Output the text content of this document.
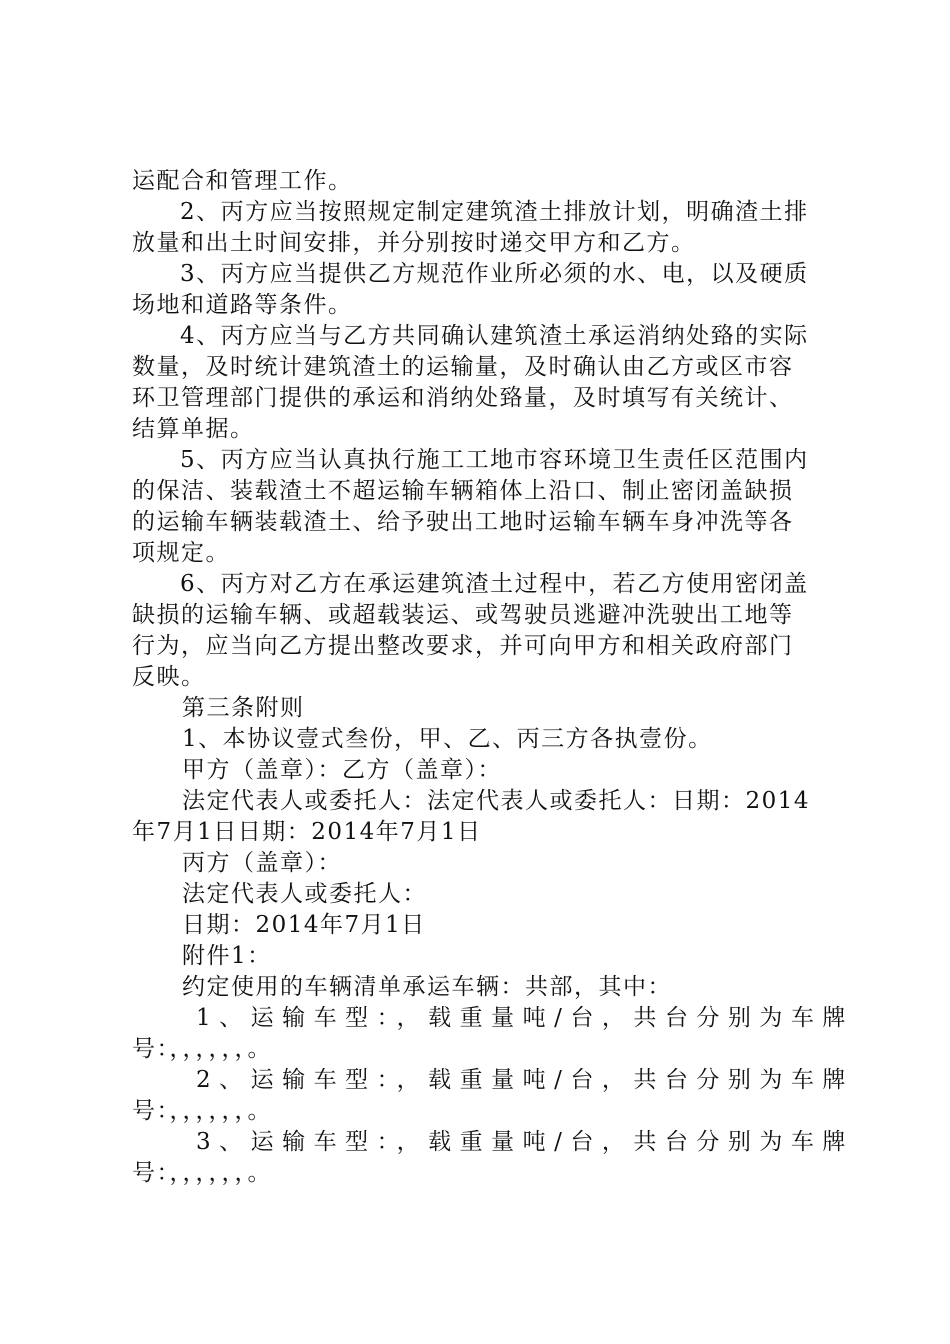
运配合和管理工作。
2、丙方应当按照规定制定建筑渣土排放计划，明确渣土排
放量和出土时间安排，并分别按时递交甲方和乙方。
3、丙方应当提供乙方规范作业所必须的水、电，以及硬质
场地和道路等条件。
4、丙方应当与乙方共同确认建筑渣土承运消纳处臵的实际
数量，及时统计建筑渣土的运输量，及时确认由乙方或区市容
环卫管理部门提供的承运和消纳处臵量，及时填写有关统计、
结算单据。
5、丙方应当认真执行施工工地市容环境卫生责任区范围内
的保洁、装载渣土不超运输车辆箱体上沿口、制止密闭盖缺损
的运输车辆装载渣土、给予驶出工地时运输车辆车身冲洗等各
项规定。
6、丙方对乙方在承运建筑渣土过程中，若乙方使用密闭盖
缺损的运输车辆、或超载装运、或驾驶员逃避冲洗驶出工地等
行为，应当向乙方提出整改要求，并可向甲方和相关政府部门
反映。
第三条附则
1、本协议壹式叁份，甲、乙、丙三方各执壹份。
甲方（盖章）：乙方（盖章）：
法定代表人或委托人：法定代表人或委托人：日期：2014
年7月1日日期：2014年7月1日
丙方（盖章）：
法定代表人或委托人：
日期：2014年7月1日
附件1：
约定使用的车辆清单承运车辆：共部，其中：
1、运输车型：，载重量吨/台，共台分别为车牌
号：，，，，，，。
2、运输车型：，载重量吨/台，共台分别为车牌
号：，，，，，，。
3、运输车型：，载重量吨/台，共台分别为车牌
号：，，，，，，。
